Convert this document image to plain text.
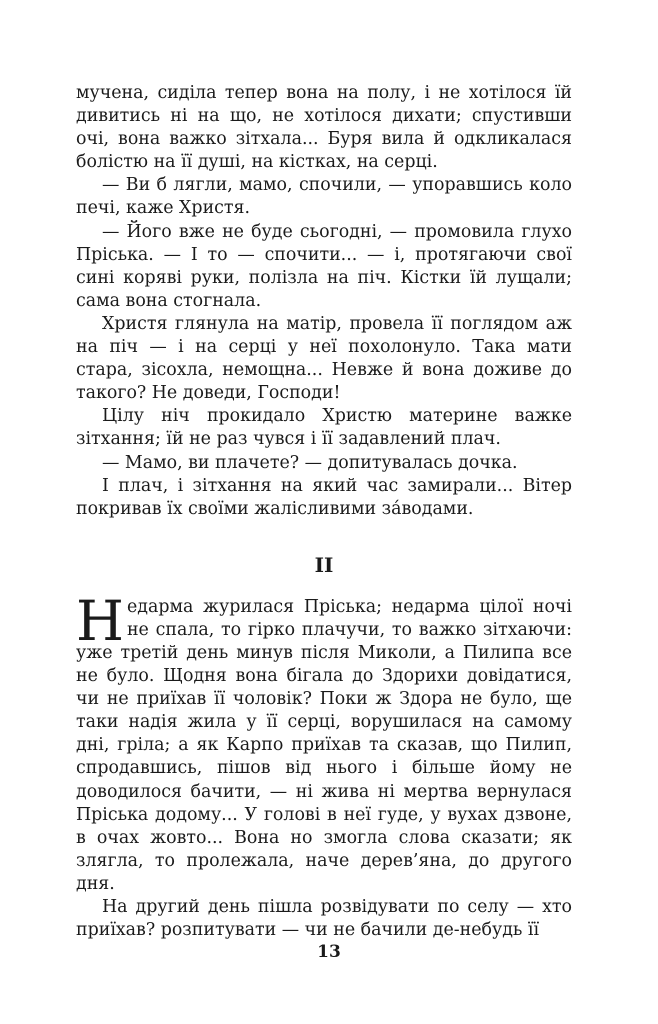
мучена, сиділа тепер вона на полу, і не хотілося їй дивитись ні на що, не хотілося дихати; спустивши очі, вона важко зітхала... Буря вила й одкликалася болістю на її душі, на кістках, на серці.

— Ви б лягли, мамо, спочили, — упоравшись коло печі, каже Христя.

— Його вже не буде сьогодні, — промовила глухо Пріська. — І то — спочити... — і, протягаючи свої сині коряві руки, полізла на піч. Кістки їй лущали; сама вона стогнала.

Христя глянула на матір, провела її поглядом аж на піч — і на серці у неї похолонуло. Така мати стара, зісохла, немощна... Невже й вона доживе до такого? Не доведи, Господи!

Цілу ніч прокидало Христю материне важке зітхання; їй не раз чувся і її задавлений плач.

— Мамо, ви плачете? — допитувалась дочка.

І плач, і зітхання на який час замирали... Вітер покривав їх своїми жалісливими за́водами.

II

Недарма журилася Пріська; недарма цілої ночі не спала, то гірко плачучи, то важко зітхаючи: уже третій день минув після Миколи, а Пилипа все не було. Щодня вона бігала до Здорихи довідатися, чи не приїхав її чоловік? Поки ж Здора не було, ще таки надія жила у її серці, ворушилася на самому дні, гріла; а як Карпо приїхав та сказав, що Пилип, спродавшись, пішов від нього і більше йому не доводилося бачити, — ні жива ні мертва вернулася Пріська додому... У голові в неї гуде, у вухах дзвоне, в очах жовто... Вона но змогла слова сказати; як злягла, то пролежала, наче дерев’яна, до другого дня.

На другий день пішла розвідувати по селу — хто приїхав? розпитувати — чи не бачили де-небудь її

13
